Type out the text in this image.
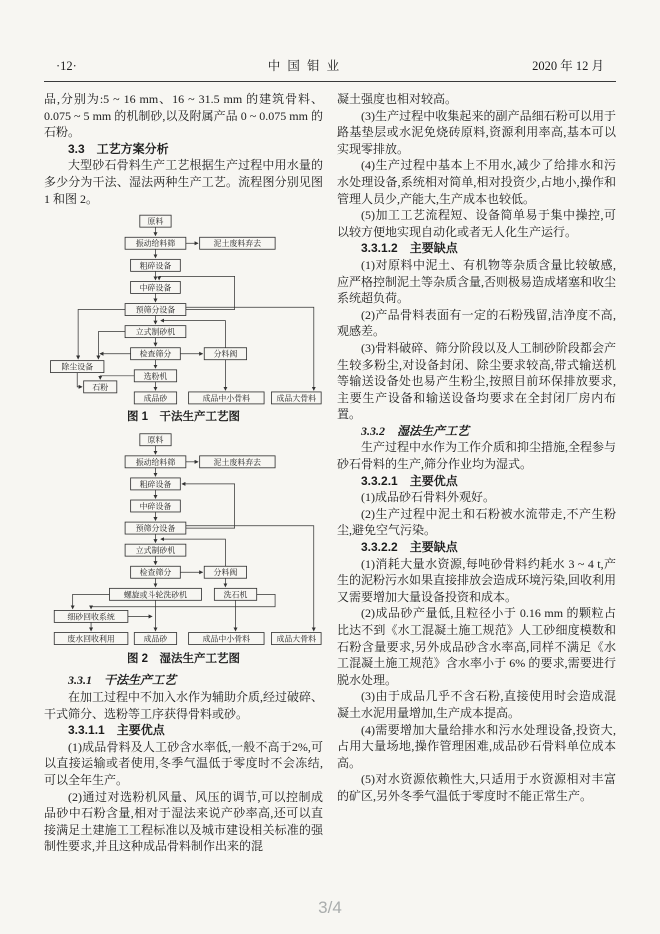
·12·	中 国 钼 业	2020 年 12 月

品,分别为:5 ~ 16 mm、16 ~ 31.5 mm 的建筑骨料、0.075 ~ 5 mm 的机制砂,以及附属产品 0 ~ 0.075 mm 的石粉。

3.3　工艺方案分析

大型砂石骨料生产工艺根据生产过程中用水量的多少分为干法、湿法两种生产工艺。流程图分别见图 1 和图 2。

原料
振动给料筛	泥土废料弃去
粗碎设备
中碎设备
预筛分设备
立式制砂机
检查筛分	分料阀
除尘设备
选粉机
石粉
成品砂	成品中小骨料	成品大骨料
图 1　干法生产工艺图
原料
振动给料筛	泥土废料弃去
粗碎设备
中碎设备
预筛分设备
立式制砂机
检查筛分	分料阀
螺旋或斗轮洗砂机	洗石机
细砂回收系统
废水回收利用	成品砂	成品中小骨料	成品大骨料
图 2　湿法生产工艺图

3.3.1　干法生产工艺

在加工过程中不加入水作为辅助介质,经过破碎、干式筛分、选粉等工序获得骨料或砂。

3.3.1.1　主要优点

(1)成品骨料及人工砂含水率低,一般不高于2%,可以直接运输或者使用,冬季气温低于零度时不会冻结,可以全年生产。

(2)通过对选粉机风量、风压的调节,可以控制成品砂中石粉含量,相对于湿法来说产砂率高,还可以直接满足土建施工工程标准以及城市建设相关标准的强制性要求,并且这种成品骨料制作出来的混

凝土强度也相对较高。

(3)生产过程中收集起来的副产品细石粉可以用于路基垫层或水泥免烧砖原料,资源利用率高,基本可以实现零排放。

(4)生产过程中基本上不用水,减少了给排水和污水处理设备,系统相对简单,相对投资少,占地小,操作和管理人员少,产能大,生产成本也较低。

(5)加工工艺流程短、设备简单易于集中操控,可以较方便地实现自动化或者无人化生产运行。

3.3.1.2　主要缺点

(1)对原料中泥土、有机物等杂质含量比较敏感,应严格控制泥土等杂质含量,否则极易造成堵塞和收尘系统超负荷。

(2)产品骨料表面有一定的石粉残留,洁净度不高,观感差。

(3)骨料破碎、筛分阶段以及人工制砂阶段都会产生较多粉尘,对设备封闭、除尘要求较高,带式输送机等输送设备处也易产生粉尘,按照目前环保排放要求,主要生产设备和输送设备均要求在全封闭厂房内布置。

3.3.2　湿法生产工艺

生产过程中水作为工作介质和抑尘措施,全程参与砂石骨料的生产,筛分作业均为湿式。

3.3.2.1　主要优点

(1)成品砂石骨料外观好。

(2)生产过程中泥土和石粉被水流带走,不产生粉尘,避免空气污染。

3.3.2.2　主要缺点

(1)消耗大量水资源,每吨砂骨料约耗水 3 ~ 4 t,产生的泥粉污水如果直接排放会造成环境污染,回收利用又需要增加大量设备投资和成本。

(2)成品砂产量低,且粒径小于 0.16 mm 的颗粒占比达不到《水工混凝土施工规范》人工砂细度模数和石粉含量要求,另外成品砂含水率高,同样不满足《水工混凝土施工规范》含水率小于 6% 的要求,需要进行脱水处理。

(3)由于成品几乎不含石粉,直接使用时会造成混凝土水泥用量增加,生产成本提高。

(4)需要增加大量给排水和污水处理设备,投资大,占用大量场地,操作管理困难,成品砂石骨料单位成本高。

(5)对水资源依赖性大,只适用于水资源相对丰富的矿区,另外冬季气温低于零度时不能正常生产。

3/4
